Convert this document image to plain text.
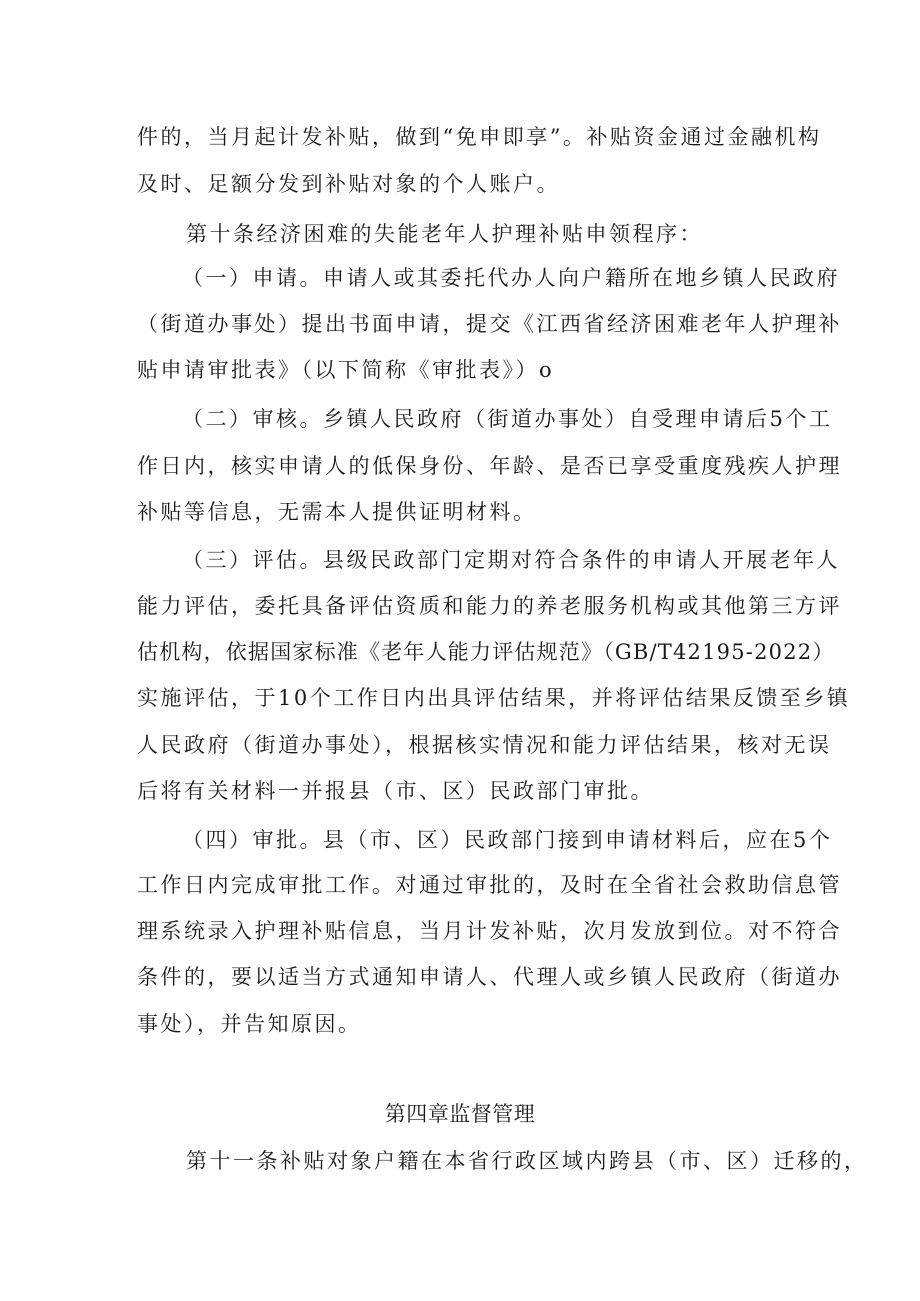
件的，当月起计发补贴，做到“免申即享”。补贴资金通过金融机构
及时、足额分发到补贴对象的个人账户。
第十条经济困难的失能老年人护理补贴申领程序：
（一）申请。申请人或其委托代办人向户籍所在地乡镇人民政府
（街道办事处）提出书面申请，提交《江西省经济困难老年人护理补
贴申请审批表》（以下简称《审批表》）o
（二）审核。乡镇人民政府（街道办事处）自受理申请后5个工
作日内，核实申请人的低保身份、年龄、是否已享受重度残疾人护理
补贴等信息，无需本人提供证明材料。
（三）评估。县级民政部门定期对符合条件的申请人开展老年人
能力评估，委托具备评估资质和能力的养老服务机构或其他第三方评
估机构，依据国家标准《老年人能力评估规范》（GB/T42195-2022）
实施评估，于10个工作日内出具评估结果，并将评估结果反馈至乡镇
人民政府（街道办事处），根据核实情况和能力评估结果，核对无误
后将有关材料一并报县（市、区）民政部门审批。
（四）审批。县（市、区）民政部门接到申请材料后，应在5个
工作日内完成审批工作。对通过审批的，及时在全省社会救助信息管
理系统录入护理补贴信息，当月计发补贴，次月发放到位。对不符合
条件的，要以适当方式通知申请人、代理人或乡镇人民政府（街道办
事处），并告知原因。
第四章监督管理
第十一条补贴对象户籍在本省行政区域内跨县（市、区）迁移的，
